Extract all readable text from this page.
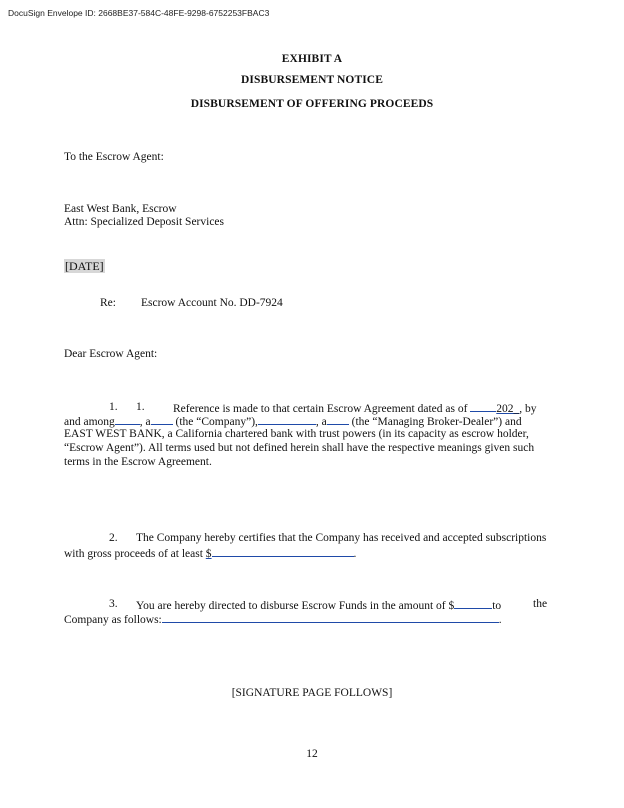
DocuSign Envelope ID: 2668BE37-584C-48FE-9298-6752253FBAC3
EXHIBIT A
DISBURSEMENT NOTICE
DISBURSEMENT OF OFFERING PROCEEDS
To the Escrow Agent:
East West Bank, Escrow
Attn: Specialized Deposit Services
[DATE]
Re: Escrow Account No. DD-7924
Dear Escrow Agent:
1. 1. Reference is made to that certain Escrow Agreement dated as of	202_, by
and among , a (the “Company”),	, a (the “Managing Broker-Dealer”) and
EAST WEST BANK, a California chartered bank with trust powers (in its capacity as escrow holder,
“Escrow Agent”). All terms used but not defined herein shall have the respective meanings given such
terms in the Escrow Agreement.
2. The Company hereby certifies that the Company has received and accepted subscriptions
with gross proceeds of at least $	.
3. You are hereby directed to disburse Escrow Funds in the amount of $	to	the
Company as follows:	.
[SIGNATURE PAGE FOLLOWS]
12
